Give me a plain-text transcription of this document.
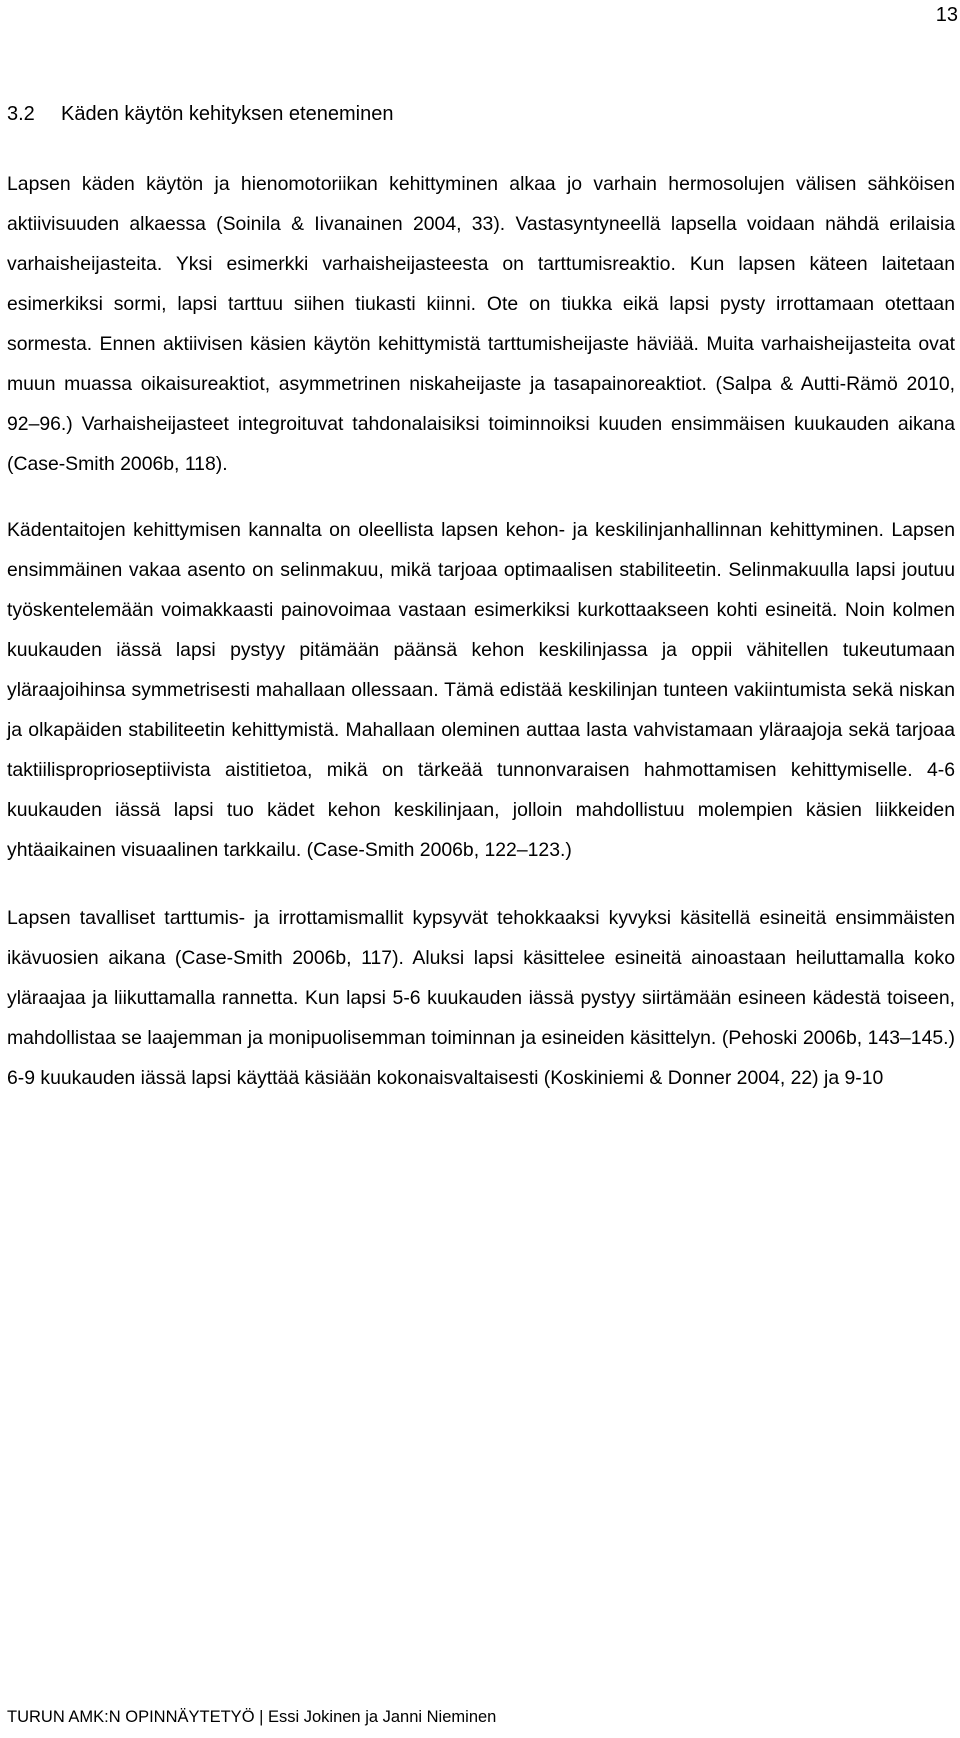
13
3.2 Käden käytön kehityksen eteneminen

Lapsen käden käytön ja hienomotoriikan kehittyminen alkaa jo varhain hermosolujen välisen sähköisen aktiivisuuden alkaessa (Soinila & Iivanainen 2004, 33). Vastasyntyneellä lapsella voidaan nähdä erilaisia varhaisheijasteita. Yksi esimerkki varhaisheijasteesta on tarttumisreaktio. Kun lapsen käteen laitetaan esimerkiksi sormi, lapsi tarttuu siihen tiukasti kiinni. Ote on tiukka eikä lapsi pysty irrottamaan otettaan sormesta. Ennen aktiivisen käsien käytön kehittymistä tarttumisheijaste häviää. Muita varhaisheijasteita ovat muun muassa oikaisureaktiot, asymmetrinen niskaheijaste ja tasapainoreaktiot. (Salpa & Autti-Rämö 2010, 92–96.) Varhaisheijasteet integroituvat tahdonalaisiksi toiminnoiksi kuuden ensimmäisen kuukauden aikana (Case-Smith 2006b, 118).

Kädentaitojen kehittymisen kannalta on oleellista lapsen kehon- ja keskilinjanhallinnan kehittyminen. Lapsen ensimmäinen vakaa asento on selinmakuu, mikä tarjoaa optimaalisen stabiliteetin. Selinmakuulla lapsi joutuu työskentelemään voimakkaasti painovoimaa vastaan esimerkiksi kurkottaakseen kohti esineitä. Noin kolmen kuukauden iässä lapsi pystyy pitämään päänsä kehon keskilinjassa ja oppii vähitellen tukeutumaan yläraajoihinsa symmetrisesti mahallaan ollessaan. Tämä edistää keskilinjan tunteen vakiintumista sekä niskan ja olkapäiden stabiliteetin kehittymistä. Mahallaan oleminen auttaa lasta vahvistamaan yläraajoja sekä tarjoaa taktiilisproprioseptiivista aistitietoa, mikä on tärkeää tunnonvaraisen hahmottamisen kehittymiselle. 4-6 kuukauden iässä lapsi tuo kädet kehon keskilinjaan, jolloin mahdollistuu molempien käsien liikkeiden yhtäaikainen visuaalinen tarkkailu. (Case-Smith 2006b, 122–123.)

Lapsen tavalliset tarttumis- ja irrottamismallit kypsyvät tehokkaaksi kyvyksi käsitellä esineitä ensimmäisten ikävuosien aikana (Case-Smith 2006b, 117). Aluksi lapsi käsittelee esineitä ainoastaan heiluttamalla koko yläraajaa ja liikuttamalla rannetta. Kun lapsi 5-6 kuukauden iässä pystyy siirtämään esineen kädestä toiseen, mahdollistaa se laajemman ja monipuolisemman toiminnan ja esineiden käsittelyn. (Pehoski 2006b, 143–145.) 6-9 kuukauden iässä lapsi käyttää käsiään kokonaisvaltaisesti (Koskiniemi & Donner 2004, 22) ja 9-10

TURUN AMK:N OPINNÄYTETYÖ | Essi Jokinen ja Janni Nieminen
